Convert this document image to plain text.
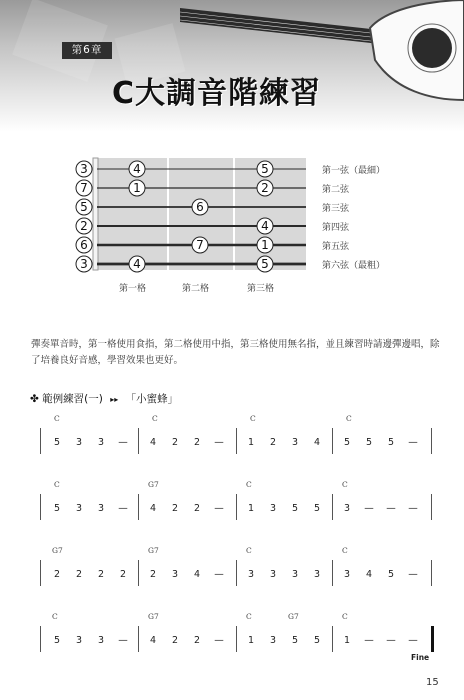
第6章
C大調音階練習
3
7
5
2
6
3
4	5
1	2
6
4
7	1
4	5
第一弦（最細）
第二弦
第三弦
第四弦
第五弦
第六弦（最粗）
第一格	第二格	第三格

彈奏單音時，第一格使用食指，第二格使用中指，第三格使用無名指，並且練習時請邊彈邊唱，除了培養良好音感，學習效果也更好。

✤ 範例練習(一) ▸▸ 「小蜜蜂」
C	C	C	C
5	3	3	—	4	2	2	—	1	2	3	4	5	5	5	—
C	G7	C	C
5	3	3	—	4	2	2	—	1	3	5	5	3	— — —
G7	G7	C	C
2	2	2	2	2	3	4	—	3	3	3	3	3	4	5	—
C	G7	C	G7	C
5	3	3	—	4	2	2	—	1	3	5	5	1	— — —
Fine
15
